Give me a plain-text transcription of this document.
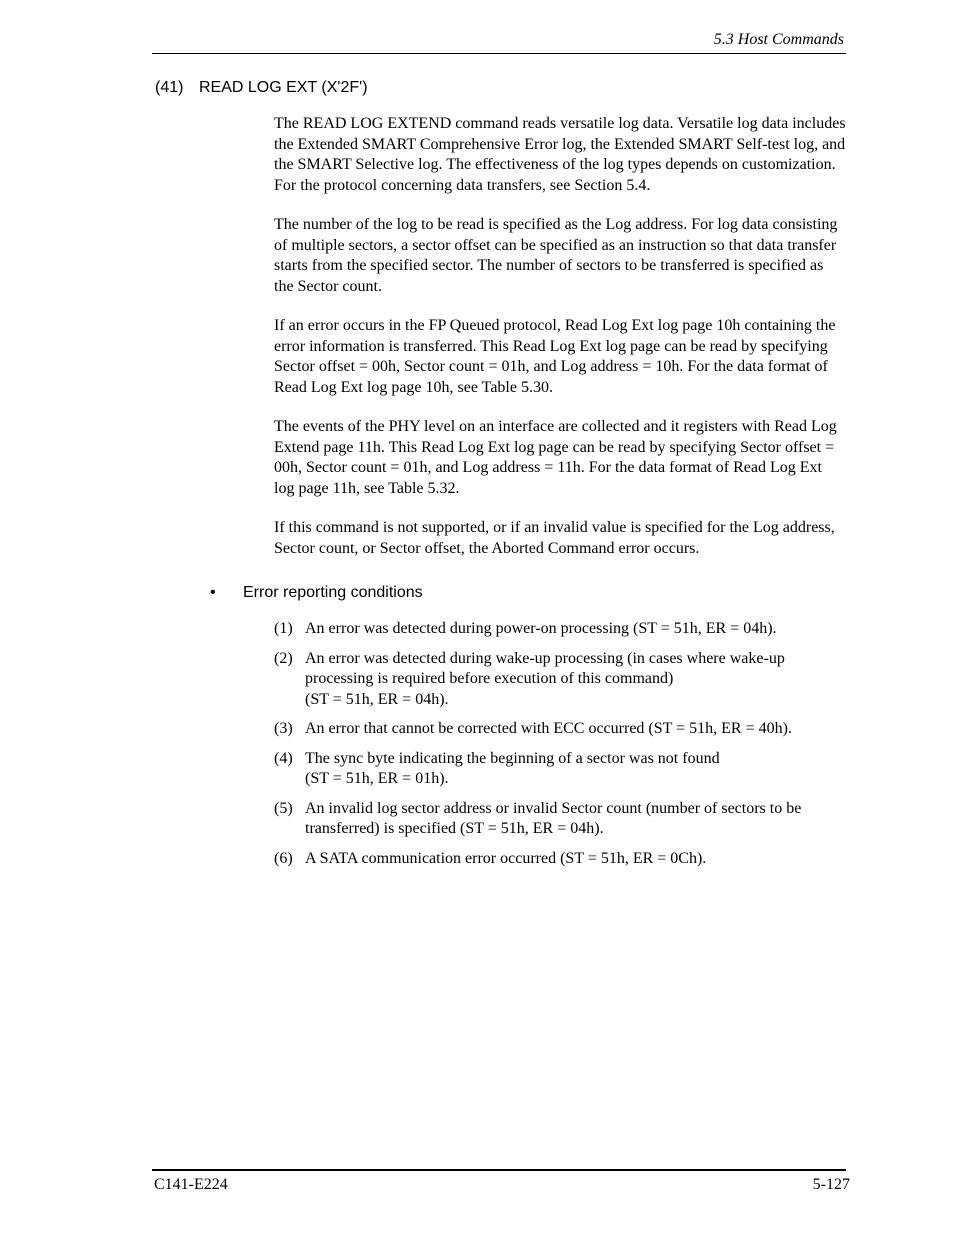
5.3 Host Commands
(41) READ LOG EXT (X'2F')

The READ LOG EXTEND command reads versatile log data. Versatile log data includes the Extended SMART Comprehensive Error log, the Extended SMART Self-test log, and the SMART Selective log. The effectiveness of the log types depends on customization. For the protocol concerning data transfers, see Section 5.4.

The number of the log to be read is specified as the Log address. For log data consisting of multiple sectors, a sector offset can be specified as an instruction so that data transfer starts from the specified sector. The number of sectors to be transferred is specified as the Sector count.

If an error occurs in the FP Queued protocol, Read Log Ext log page 10h containing the error information is transferred. This Read Log Ext log page can be read by specifying Sector offset = 00h, Sector count = 01h, and Log address = 10h. For the data format of Read Log Ext log page 10h, see Table 5.30.

The events of the PHY level on an interface are collected and it registers with Read Log Extend page 11h. This Read Log Ext log page can be read by specifying Sector offset = 00h, Sector count = 01h, and Log address = 11h. For the data format of Read Log Ext log page 11h, see Table 5.32.

If this command is not supported, or if an invalid value is specified for the Log address, Sector count, or Sector offset, the Aborted Command error occurs.

• Error reporting conditions
(1) An error was detected during power-on processing (ST = 51h, ER = 04h).
(2) An error was detected during wake-up processing (in cases where wake-up processing is required before execution of this command)
(ST = 51h, ER = 04h).
(3) An error that cannot be corrected with ECC occurred (ST = 51h, ER = 40h).
(4) The sync byte indicating the beginning of a sector was not found
(ST = 51h, ER = 01h).
(5) An invalid log sector address or invalid Sector count (number of sectors to be transferred) is specified (ST = 51h, ER = 04h).
(6) A SATA communication error occurred (ST = 51h, ER = 0Ch).
C141-E224	5-127
